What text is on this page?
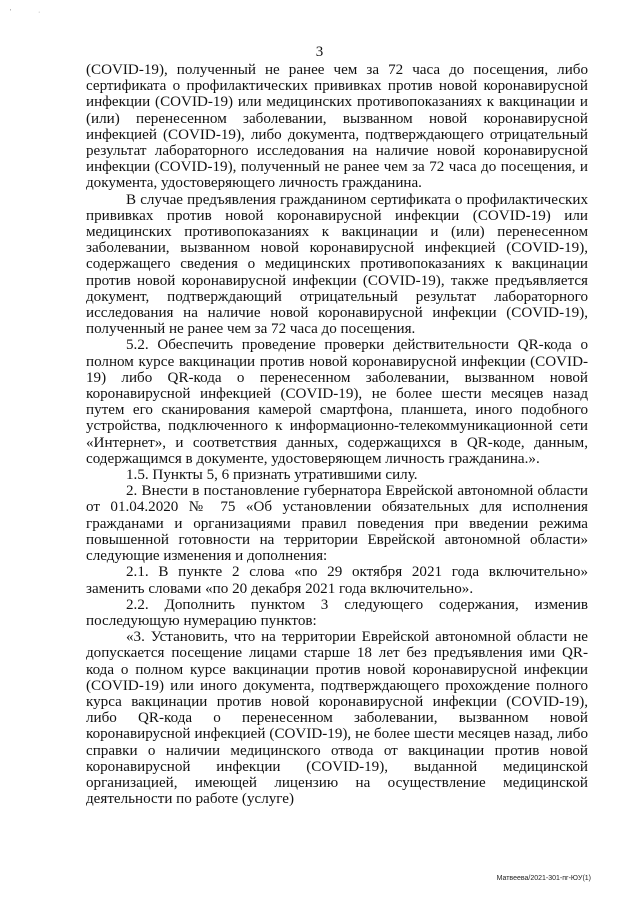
'	·
3

(COVID-19), полученный не ранее чем за 72 часа до посещения, либо сертификата о профилактических прививках против новой коронавирусной инфекции (COVID-19) или медицинских противопоказаниях к вакцинации и (или) перенесенном заболевании, вызванном новой коронавирусной инфекцией (COVID-19), либо документа, подтверждающего отрицательный результат лабораторного исследования на наличие новой коронавирусной инфекции (COVID-19), полученный не ранее чем за 72 часа до посещения, и документа, удостоверяющего личность гражданина.

В случае предъявления гражданином сертификата о профилактических прививках против новой коронавирусной инфекции (COVID-19) или медицинских противопоказаниях к вакцинации и (или) перенесенном заболевании, вызванном новой коронавирусной инфекцией (COVID-19), содержащего сведения о медицинских противопоказаниях к вакцинации против новой коронавирусной инфекции (COVID-19), также предъявляется документ, подтверждающий отрицательный результат лабораторного исследования на наличие новой коронавирусной инфекции (COVID-19), полученный не ранее чем за 72 часа до посещения.

5.2. Обеспечить проведение проверки действительности QR-кода о полном курсе вакцинации против новой коронавирусной инфекции (COVID-19) либо QR-кода о перенесенном заболевании, вызванном новой коронавирусной инфекцией (COVID-19), не более шести месяцев назад путем его сканирования камерой смартфона, планшета, иного подобного устройства, подключенного к информационно-телекоммуникационной сети «Интернет», и соответствия данных, содержащихся в QR-коде, данным, содержащимся в документе, удостоверяющем личность гражданина.».

1.5. Пункты 5, 6 признать утратившими силу.

2. Внести в постановление губернатора Еврейской автономной области от 01.04.2020 № 75 «Об установлении обязательных для исполнения гражданами и организациями правил поведения при введении режима повышенной готовности на территории Еврейской автономной области» следующие изменения и дополнения:

2.1. В пункте 2 слова «по 29 октября 2021 года включительно» заменить словами «по 20 декабря 2021 года включительно».

2.2. Дополнить пунктом 3 следующего содержания, изменив последующую нумерацию пунктов:

«3. Установить, что на территории Еврейской автономной области не допускается посещение лицами старше 18 лет без предъявления ими QR-кода о полном курсе вакцинации против новой коронавирусной инфекции (COVID-19) или иного документа, подтверждающего прохождение полного курса вакцинации против новой коронавирусной инфекции (COVID-19), либо QR-кода о перенесенном заболевании, вызванном новой коронавирусной инфекцией (COVID-19), не более шести месяцев назад, либо справки о наличии медицинского отвода от вакцинации против новой коронавирусной инфекции (COVID-19), выданной медицинской организацией, имеющей лицензию на осуществление медицинской деятельности по работе (услуге)

Матвеева/2021-301-пг-ЮУ(1)
